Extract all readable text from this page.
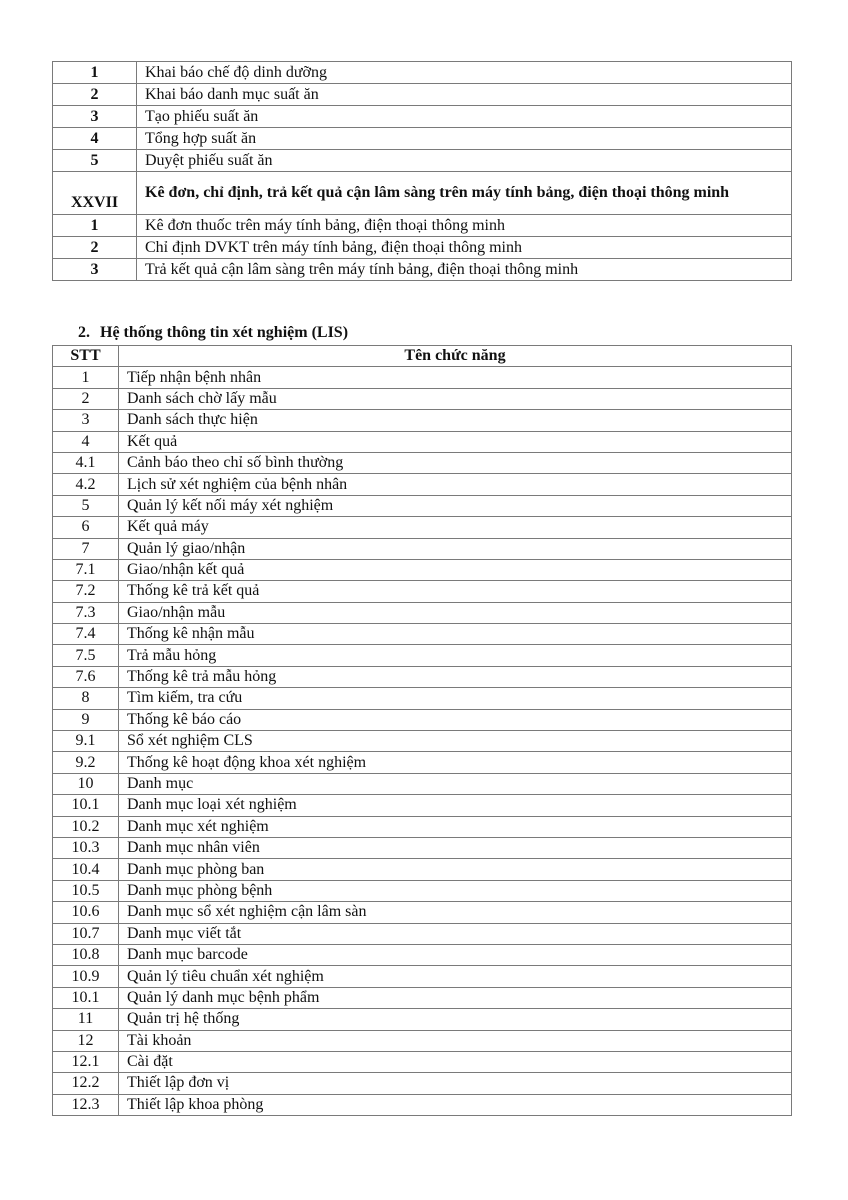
1	Khai báo chế độ dinh dưỡng
2	Khai báo danh mục suất ăn
3	Tạo phiếu suất ăn
4	Tổng hợp suất ăn
5	Duyệt phiếu suất ăn
XXVII	Kê đơn, chỉ định, trả kết quả cận lâm sàng trên máy tính bảng, điện thoại thông minh
1	Kê đơn thuốc trên máy tính bảng, điện thoại thông minh
2	Chỉ định DVKT trên máy tính bảng, điện thoại thông minh
3	Trả kết quả cận lâm sàng trên máy tính bảng, điện thoại thông minh
2. Hệ thống thông tin xét nghiệm (LIS)
STT	Tên chức năng
1	Tiếp nhận bệnh nhân
2	Danh sách chờ lấy mẫu
3	Danh sách thực hiện
4	Kết quả
4.1	Cảnh báo theo chỉ số bình thường
4.2	Lịch sử xét nghiệm của bệnh nhân
5	Quản lý kết nối máy xét nghiệm
6	Kết quả máy
7	Quản lý giao/nhận
7.1	Giao/nhận kết quả
7.2	Thống kê trả kết quả
7.3	Giao/nhận mẫu
7.4	Thống kê nhận mẫu
7.5	Trả mẫu hỏng
7.6	Thống kê trả mẫu hỏng
8	Tìm kiếm, tra cứu
9	Thống kê báo cáo
9.1	Sổ xét nghiệm CLS
9.2	Thống kê hoạt động khoa xét nghiệm
10	Danh mục
10.1	Danh mục loại xét nghiệm
10.2	Danh mục xét nghiệm
10.3	Danh mục nhân viên
10.4	Danh mục phòng ban
10.5	Danh mục phòng bệnh
10.6	Danh mục sổ xét nghiệm cận lâm sàn
10.7	Danh mục viết tắt
10.8	Danh mục barcode
10.9	Quản lý tiêu chuẩn xét nghiệm
10.1	Quản lý danh mục bệnh phẩm
11	Quản trị hệ thống
12	Tài khoản
12.1	Cài đặt
12.2	Thiết lập đơn vị
12.3	Thiết lập khoa phòng
